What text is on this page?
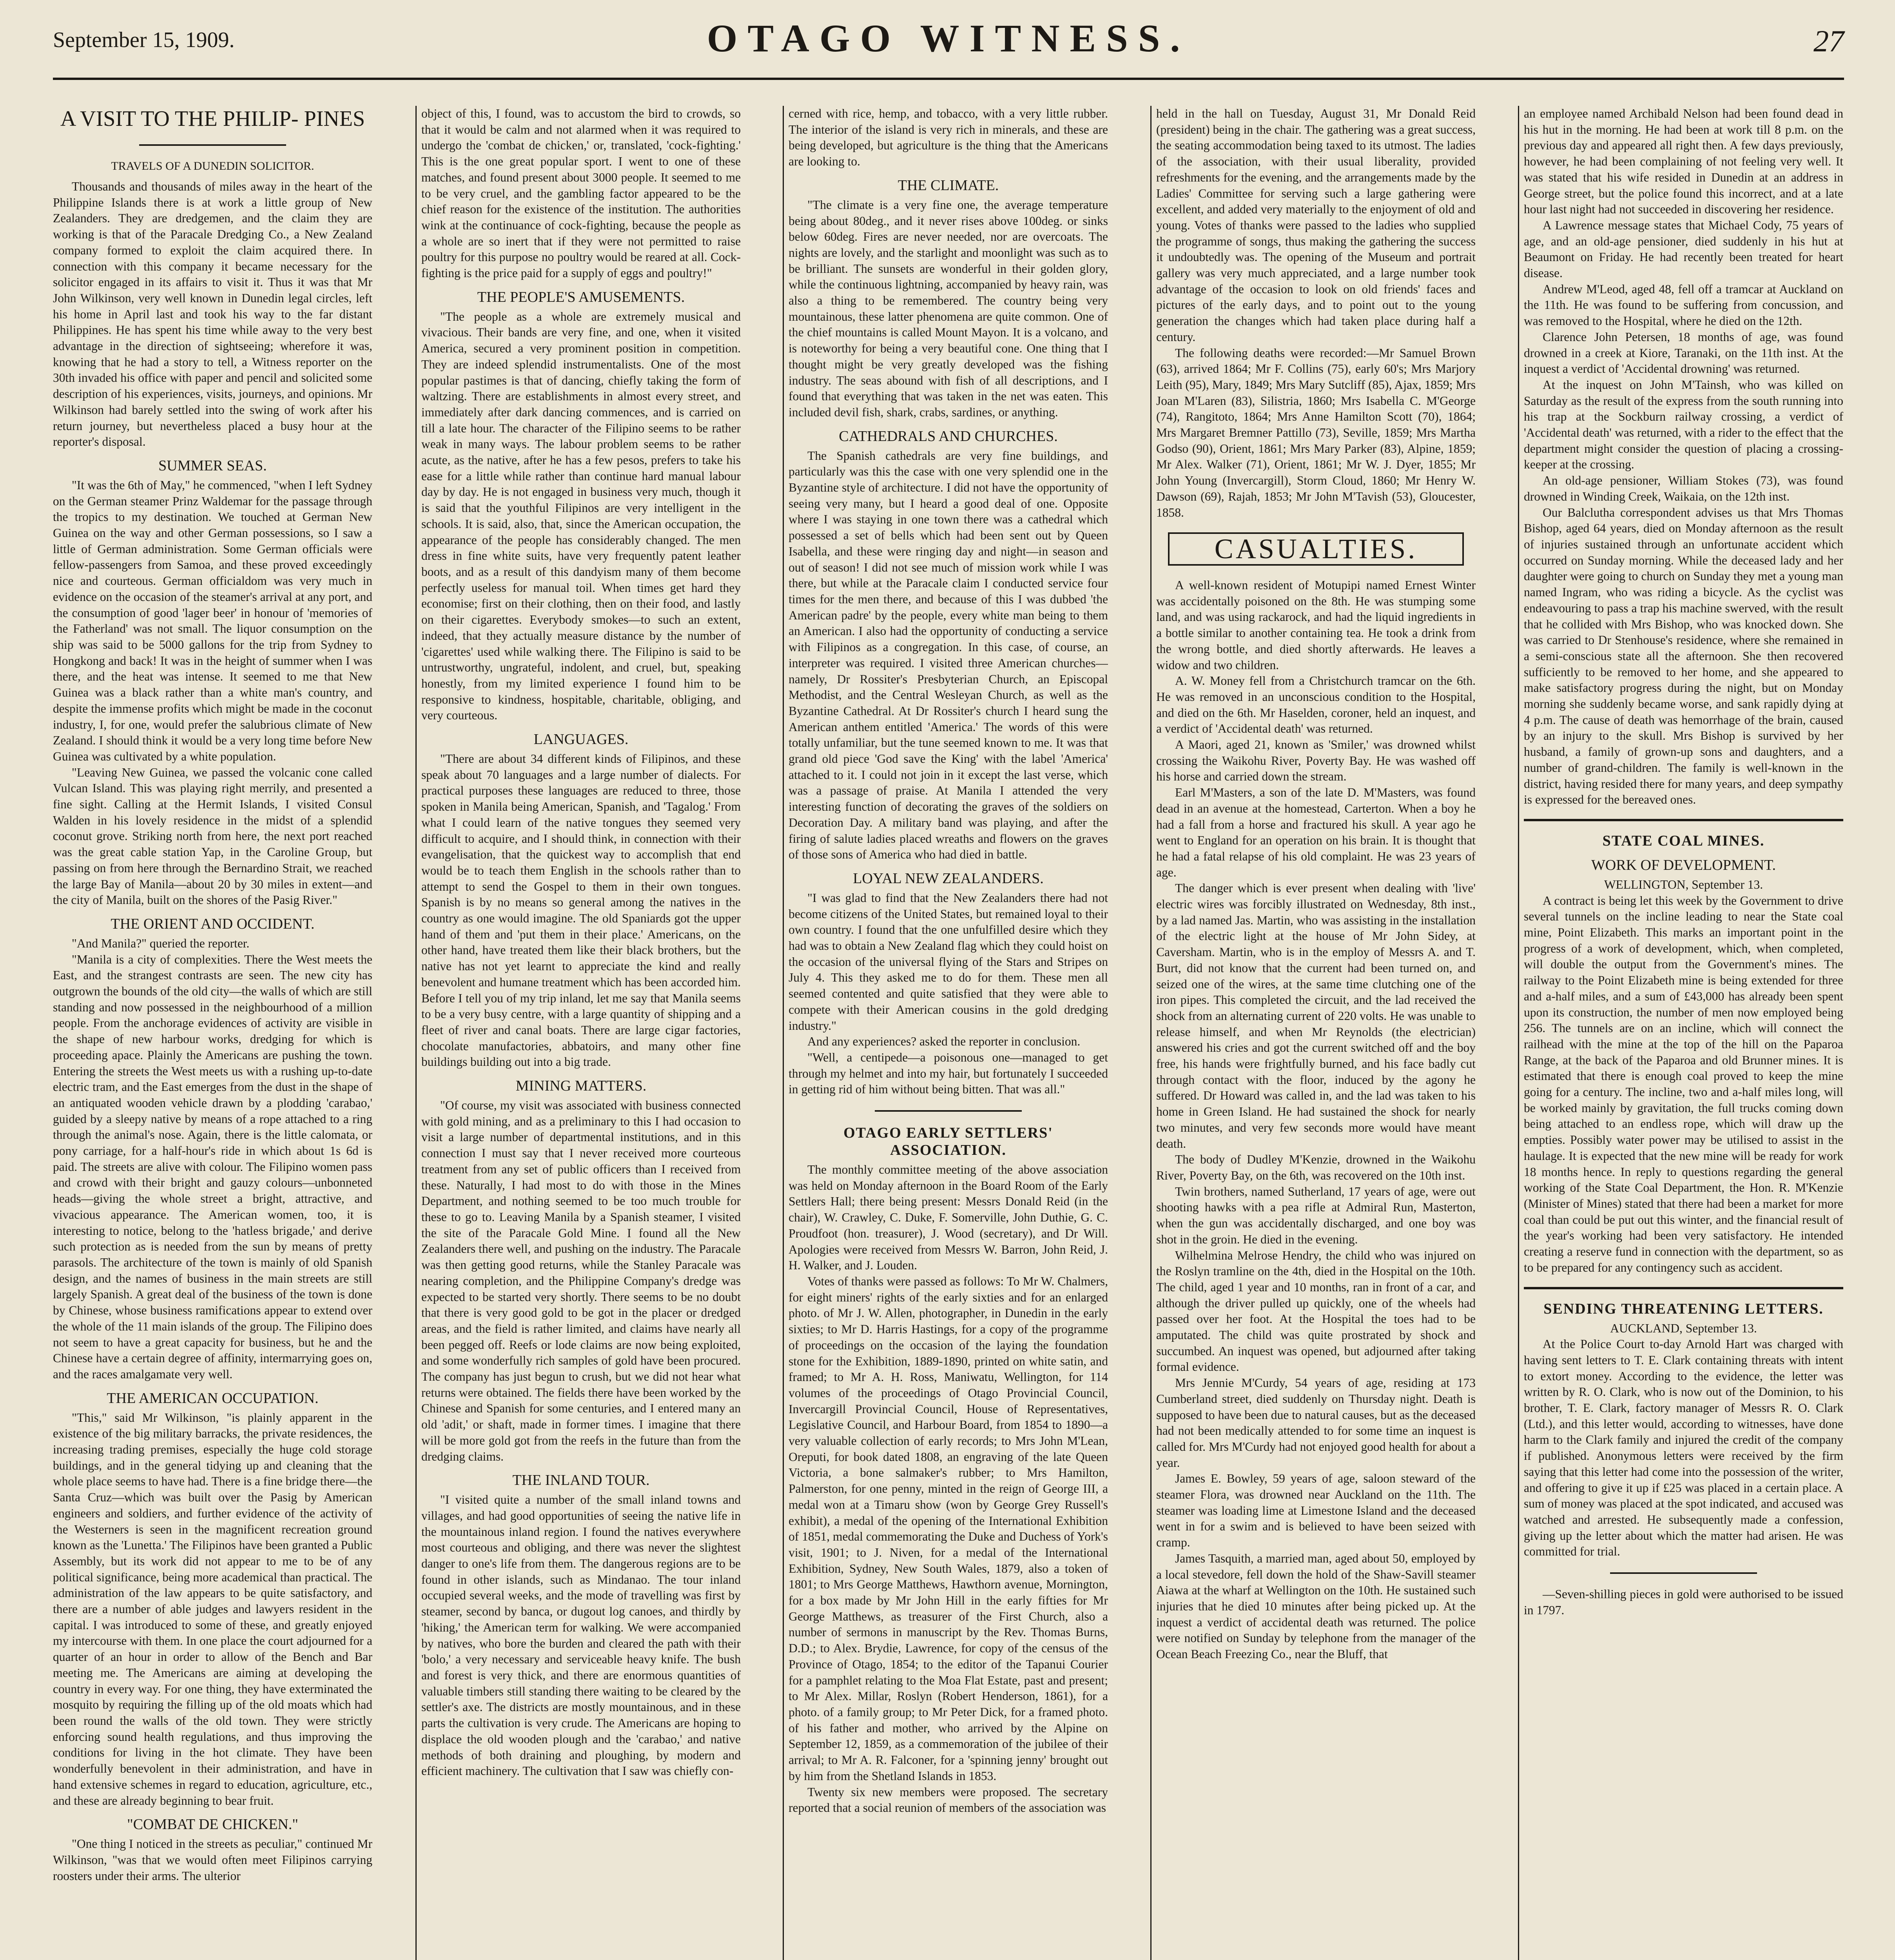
September 15, 1909.	OTAGO WITNESS.	27
A VISIT TO THE PHILIP- PINES
TRAVELS OF A DUNEDIN SOLICITOR.

Thousands and thousands of miles away in the heart of the Philippine Islands there is at work a little group of New Zealanders. They are dredgemen, and the claim they are working is that of the Paracale Dredging Co., a New Zealand company formed to exploit the claim acquired there. In connection with this company it became necessary for the solicitor engaged in its affairs to visit it. Thus it was that Mr John Wilkinson, very well known in Dunedin legal circles, left his home in April last and took his way to the far distant Philippines. He has spent his time while away to the very best advantage in the direction of sightseeing; wherefore it was, knowing that he had a story to tell, a Witness reporter on the 30th invaded his office with paper and pencil and solicited some description of his experiences, visits, journeys, and opinions. Mr Wilkinson had barely settled into the swing of work after his return journey, but nevertheless placed a busy hour at the reporter's disposal.

SUMMER SEAS.

"It was the 6th of May," he commenced, "when I left Sydney on the German steamer Prinz Waldemar for the passage through the tropics to my destination. We touched at German New Guinea on the way and other German possessions, so I saw a little of German administration. Some German officials were fellow-passengers from Samoa, and these proved exceedingly nice and courteous. German officialdom was very much in evidence on the occasion of the steamer's arrival at any port, and the consumption of good 'lager beer' in honour of 'memories of the Fatherland' was not small. The liquor consumption on the ship was said to be 5000 gallons for the trip from Sydney to Hongkong and back! It was in the height of summer when I was there, and the heat was intense. It seemed to me that New Guinea was a black rather than a white man's country, and despite the immense profits which might be made in the coconut industry, I, for one, would prefer the salubrious climate of New Zealand. I should think it would be a very long time before New Guinea was cultivated by a white population.

"Leaving New Guinea, we passed the volcanic cone called Vulcan Island. This was playing right merrily, and presented a fine sight. Calling at the Hermit Islands, I visited Consul Walden in his lovely residence in the midst of a splendid coconut grove. Striking north from here, the next port reached was the great cable station Yap, in the Caroline Group, but passing on from here through the Bernardino Strait, we reached the large Bay of Manila—about 20 by 30 miles in extent—and the city of Manila, built on the shores of the Pasig River."

THE ORIENT AND OCCIDENT.

"And Manila?" queried the reporter.

"Manila is a city of complexities. There the West meets the East, and the strangest contrasts are seen. The new city has outgrown the bounds of the old city—the walls of which are still standing and now possessed in the neighbourhood of a million people. From the anchorage evidences of activity are visible in the shape of new harbour works, dredging for which is proceeding apace. Plainly the Americans are pushing the town. Entering the streets the West meets us with a rushing up-to-date electric tram, and the East emerges from the dust in the shape of an antiquated wooden vehicle drawn by a plodding 'carabao,' guided by a sleepy native by means of a rope attached to a ring through the animal's nose. Again, there is the little calomata, or pony carriage, for a half-hour's ride in which about 1s 6d is paid. The streets are alive with colour. The Filipino women pass and crowd with their bright and gauzy colours—unbonneted heads—giving the whole street a bright, attractive, and vivacious appearance. The American women, too, it is interesting to notice, belong to the 'hatless brigade,' and derive such protection as is needed from the sun by means of pretty parasols. The architecture of the town is mainly of old Spanish design, and the names of business in the main streets are still largely Spanish. A great deal of the business of the town is done by Chinese, whose business ramifications appear to extend over the whole of the 11 main islands of the group. The Filipino does not seem to have a great capacity for business, but he and the Chinese have a certain degree of affinity, intermarrying goes on, and the races amalgamate very well.

THE AMERICAN OCCUPATION.

"This," said Mr Wilkinson, "is plainly apparent in the existence of the big military barracks, the private residences, the increasing trading premises, especially the huge cold storage buildings, and in the general tidying up and cleaning that the whole place seems to have had. There is a fine bridge there—the Santa Cruz—which was built over the Pasig by American engineers and soldiers, and further evidence of the activity of the Westerners is seen in the magnificent recreation ground known as the 'Lunetta.' The Filipinos have been granted a Public Assembly, but its work did not appear to me to be of any political significance, being more academical than practical. The administration of the law appears to be quite satisfactory, and there are a number of able judges and lawyers resident in the capital. I was introduced to some of these, and greatly enjoyed my intercourse with them. In one place the court adjourned for a quarter of an hour in order to allow of the Bench and Bar meeting me. The Americans are aiming at developing the country in every way. For one thing, they have exterminated the mosquito by requiring the filling up of the old moats which had been round the walls of the old town. They were strictly enforcing sound health regulations, and thus improving the conditions for living in the hot climate. They have been wonderfully benevolent in their administration, and have in hand extensive schemes in regard to education, agriculture, etc., and these are already beginning to bear fruit.

"COMBAT DE CHICKEN."

"One thing I noticed in the streets as peculiar," continued Mr Wilkinson, "was that we would often meet Filipinos carrying roosters under their arms. The ulterior

object of this, I found, was to accustom the bird to crowds, so that it would be calm and not alarmed when it was required to undergo the 'combat de chicken,' or, translated, 'cock-fighting.' This is the one great popular sport. I went to one of these matches, and found present about 3000 people. It seemed to me to be very cruel, and the gambling factor appeared to be the chief reason for the existence of the institution. The authorities wink at the continuance of cock-fighting, because the people as a whole are so inert that if they were not permitted to raise poultry for this purpose no poultry would be reared at all. Cock-fighting is the price paid for a supply of eggs and poultry!"

THE PEOPLE'S AMUSEMENTS.

"The people as a whole are extremely musical and vivacious. Their bands are very fine, and one, when it visited America, secured a very prominent position in competition. They are indeed splendid instrumentalists. One of the most popular pastimes is that of dancing, chiefly taking the form of waltzing. There are establishments in almost every street, and immediately after dark dancing commences, and is carried on till a late hour. The character of the Filipino seems to be rather weak in many ways. The labour problem seems to be rather acute, as the native, after he has a few pesos, prefers to take his ease for a little while rather than continue hard manual labour day by day. He is not engaged in business very much, though it is said that the youthful Filipinos are very intelligent in the schools. It is said, also, that, since the American occupation, the appearance of the people has considerably changed. The men dress in fine white suits, have very frequently patent leather boots, and as a result of this dandyism many of them become perfectly useless for manual toil. When times get hard they economise; first on their clothing, then on their food, and lastly on their cigarettes. Everybody smokes—to such an extent, indeed, that they actually measure distance by the number of 'cigarettes' used while walking there. The Filipino is said to be untrustworthy, ungrateful, indolent, and cruel, but, speaking honestly, from my limited experience I found him to be responsive to kindness, hospitable, charitable, obliging, and very courteous.

LANGUAGES.

"There are about 34 different kinds of Filipinos, and these speak about 70 languages and a large number of dialects. For practical purposes these languages are reduced to three, those spoken in Manila being American, Spanish, and 'Tagalog.' From what I could learn of the native tongues they seemed very difficult to acquire, and I should think, in connection with their evangelisation, that the quickest way to accomplish that end would be to teach them English in the schools rather than to attempt to send the Gospel to them in their own tongues. Spanish is by no means so general among the natives in the country as one would imagine. The old Spaniards got the upper hand of them and 'put them in their place.' Americans, on the other hand, have treated them like their black brothers, but the native has not yet learnt to appreciate the kind and really benevolent and humane treatment which has been accorded him. Before I tell you of my trip inland, let me say that Manila seems to be a very busy centre, with a large quantity of shipping and a fleet of river and canal boats. There are large cigar factories, chocolate manufactories, abbatoirs, and many other fine buildings building out into a big trade.

MINING MATTERS.

"Of course, my visit was associated with business connected with gold mining, and as a preliminary to this I had occasion to visit a large number of departmental institutions, and in this connection I must say that I never received more courteous treatment from any set of public officers than I received from these. Naturally, I had most to do with those in the Mines Department, and nothing seemed to be too much trouble for these to go to. Leaving Manila by a Spanish steamer, I visited the site of the Paracale Gold Mine. I found all the New Zealanders there well, and pushing on the industry. The Paracale was then getting good returns, while the Stanley Paracale was nearing completion, and the Philippine Company's dredge was expected to be started very shortly. There seems to be no doubt that there is very good gold to be got in the placer or dredged areas, and the field is rather limited, and claims have nearly all been pegged off. Reefs or lode claims are now being exploited, and some wonderfully rich samples of gold have been procured. The company has just begun to crush, but we did not hear what returns were obtained. The fields there have been worked by the Chinese and Spanish for some centuries, and I entered many an old 'adit,' or shaft, made in former times. I imagine that there will be more gold got from the reefs in the future than from the dredging claims.

THE INLAND TOUR.

"I visited quite a number of the small inland towns and villages, and had good opportunities of seeing the native life in the mountainous inland region. I found the natives everywhere most courteous and obliging, and there was never the slightest danger to one's life from them. The dangerous regions are to be found in other islands, such as Mindanao. The tour inland occupied several weeks, and the mode of travelling was first by steamer, second by banca, or dugout log canoes, and thirdly by 'hiking,' the American term for walking. We were accompanied by natives, who bore the burden and cleared the path with their 'bolo,' a very necessary and serviceable heavy knife. The bush and forest is very thick, and there are enormous quantities of valuable timbers still standing there waiting to be cleared by the settler's axe. The districts are mostly mountainous, and in these parts the cultivation is very crude. The Americans are hoping to displace the old wooden plough and the 'carabao,' and native methods of both draining and ploughing, by modern and efficient machinery. The cultivation that I saw was chiefly con-

cerned with rice, hemp, and tobacco, with a very little rubber. The interior of the island is very rich in minerals, and these are being developed, but agriculture is the thing that the Americans are looking to.

THE CLIMATE.

"The climate is a very fine one, the average temperature being about 80deg., and it never rises above 100deg. or sinks below 60deg. Fires are never needed, nor are overcoats. The nights are lovely, and the starlight and moonlight was such as to be brilliant. The sunsets are wonderful in their golden glory, while the continuous lightning, accompanied by heavy rain, was also a thing to be remembered. The country being very mountainous, these latter phenomena are quite common. One of the chief mountains is called Mount Mayon. It is a volcano, and is noteworthy for being a very beautiful cone. One thing that I thought might be very greatly developed was the fishing industry. The seas abound with fish of all descriptions, and I found that everything that was taken in the net was eaten. This included devil fish, shark, crabs, sardines, or anything.

CATHEDRALS AND CHURCHES.

The Spanish cathedrals are very fine buildings, and particularly was this the case with one very splendid one in the Byzantine style of architecture. I did not have the opportunity of seeing very many, but I heard a good deal of one. Opposite where I was staying in one town there was a cathedral which possessed a set of bells which had been sent out by Queen Isabella, and these were ringing day and night—in season and out of season! I did not see much of mission work while I was there, but while at the Paracale claim I conducted service four times for the men there, and because of this I was dubbed 'the American padre' by the people, every white man being to them an American. I also had the opportunity of conducting a service with Filipinos as a congregation. In this case, of course, an interpreter was required. I visited three American churches—namely, Dr Rossiter's Presbyterian Church, an Episcopal Methodist, and the Central Wesleyan Church, as well as the Byzantine Cathedral. At Dr Rossiter's church I heard sung the American anthem entitled 'America.' The words of this were totally unfamiliar, but the tune seemed known to me. It was that grand old piece 'God save the King' with the label 'America' attached to it. I could not join in it except the last verse, which was a passage of praise. At Manila I attended the very interesting function of decorating the graves of the soldiers on Decoration Day. A military band was playing, and after the firing of salute ladies placed wreaths and flowers on the graves of those sons of America who had died in battle.

LOYAL NEW ZEALANDERS.

"I was glad to find that the New Zealanders there had not become citizens of the United States, but remained loyal to their own country. I found that the one unfulfilled desire which they had was to obtain a New Zealand flag which they could hoist on the occasion of the universal flying of the Stars and Stripes on July 4. This they asked me to do for them. These men all seemed contented and quite satisfied that they were able to compete with their American cousins in the gold dredging industry."

And any experiences? asked the reporter in conclusion.

"Well, a centipede—a poisonous one—managed to get through my helmet and into my hair, but fortunately I succeeded in getting rid of him without being bitten. That was all."

OTAGO EARLY SETTLERS' ASSOCIATION.

The monthly committee meeting of the above association was held on Monday afternoon in the Board Room of the Early Settlers Hall; there being present: Messrs Donald Reid (in the chair), W. Crawley, C. Duke, F. Somerville, John Duthie, G. C. Proudfoot (hon. treasurer), J. Wood (secretary), and Dr Will. Apologies were received from Messrs W. Barron, John Reid, J. H. Walker, and J. Louden.

Votes of thanks were passed as follows: To Mr W. Chalmers, for eight miners' rights of the early sixties and for an enlarged photo. of Mr J. W. Allen, photographer, in Dunedin in the early sixties; to Mr D. Harris Hastings, for a copy of the programme of proceedings on the occasion of the laying the foundation stone for the Exhibition, 1889-1890, printed on white satin, and framed; to Mr A. H. Ross, Maniwatu, Wellington, for 114 volumes of the proceedings of Otago Provincial Council, Invercargill Provincial Council, House of Representatives, Legislative Council, and Harbour Board, from 1854 to 1890—a very valuable collection of early records; to Mrs John M'Lean, Oreputi, for book dated 1808, an engraving of the late Queen Victoria, a bone salmaker's rubber; to Mrs Hamilton, Palmerston, for one penny, minted in the reign of George III, a medal won at a Timaru show (won by George Grey Russell's exhibit), a medal of the opening of the International Exhibition of 1851, medal commemorating the Duke and Duchess of York's visit, 1901; to J. Niven, for a medal of the International Exhibition, Sydney, New South Wales, 1879, also a token of 1801; to Mrs George Matthews, Hawthorn avenue, Mornington, for a box made by Mr John Hill in the early fifties for Mr George Matthews, as treasurer of the First Church, also a number of sermons in manuscript by the Rev. Thomas Burns, D.D.; to Alex. Brydie, Lawrence, for copy of the census of the Province of Otago, 1854; to the editor of the Tapanui Courier for a pamphlet relating to the Moa Flat Estate, past and present; to Mr Alex. Millar, Roslyn (Robert Henderson, 1861), for a photo. of a family group; to Mr Peter Dick, for a framed photo. of his father and mother, who arrived by the Alpine on September 12, 1859, as a commemoration of the jubilee of their arrival; to Mr A. R. Falconer, for a 'spinning jenny' brought out by him from the Shetland Islands in 1853.

Twenty six new members were proposed. The secretary reported that a social reunion of members of the association was

held in the hall on Tuesday, August 31, Mr Donald Reid (president) being in the chair. The gathering was a great success, the seating accommodation being taxed to its utmost. The ladies of the association, with their usual liberality, provided refreshments for the evening, and the arrangements made by the Ladies' Committee for serving such a large gathering were excellent, and added very materially to the enjoyment of old and young. Votes of thanks were passed to the ladies who supplied the programme of songs, thus making the gathering the success it undoubtedly was. The opening of the Museum and portrait gallery was very much appreciated, and a large number took advantage of the occasion to look on old friends' faces and pictures of the early days, and to point out to the young generation the changes which had taken place during half a century.

The following deaths were recorded:—Mr Samuel Brown (63), arrived 1864; Mr F. Collins (75), early 60's; Mrs Marjory Leith (95), Mary, 1849; Mrs Mary Sutcliff (85), Ajax, 1859; Mrs Joan M'Laren (83), Silistria, 1860; Mrs Isabella C. M'George (74), Rangitoto, 1864; Mrs Anne Hamilton Scott (70), 1864; Mrs Margaret Bremner Pattillo (73), Seville, 1859; Mrs Martha Godso (90), Orient, 1861; Mrs Mary Parker (83), Alpine, 1859; Mr Alex. Walker (71), Orient, 1861; Mr W. J. Dyer, 1855; Mr John Young (Invercargill), Storm Cloud, 1860; Mr Henry W. Dawson (69), Rajah, 1853; Mr John M'Tavish (53), Gloucester, 1858.

CASUALTIES.

A well-known resident of Motupipi named Ernest Winter was accidentally poisoned on the 8th. He was stumping some land, and was using rackarock, and had the liquid ingredients in a bottle similar to another containing tea. He took a drink from the wrong bottle, and died shortly afterwards. He leaves a widow and two children.

A. W. Money fell from a Christchurch tramcar on the 6th. He was removed in an unconscious condition to the Hospital, and died on the 6th. Mr Haselden, coroner, held an inquest, and a verdict of 'Accidental death' was returned.

A Maori, aged 21, known as 'Smiler,' was drowned whilst crossing the Waikohu River, Poverty Bay. He was washed off his horse and carried down the stream.

Earl M'Masters, a son of the late D. M'Masters, was found dead in an avenue at the homestead, Carterton. When a boy he had a fall from a horse and fractured his skull. A year ago he went to England for an operation on his brain. It is thought that he had a fatal relapse of his old complaint. He was 23 years of age.

The danger which is ever present when dealing with 'live' electric wires was forcibly illustrated on Wednesday, 8th inst., by a lad named Jas. Martin, who was assisting in the installation of the electric light at the house of Mr John Sidey, at Caversham. Martin, who is in the employ of Messrs A. and T. Burt, did not know that the current had been turned on, and seized one of the wires, at the same time clutching one of the iron pipes. This completed the circuit, and the lad received the shock from an alternating current of 220 volts. He was unable to release himself, and when Mr Reynolds (the electrician) answered his cries and got the current switched off and the boy free, his hands were frightfully burned, and his face badly cut through contact with the floor, induced by the agony he suffered. Dr Howard was called in, and the lad was taken to his home in Green Island. He had sustained the shock for nearly two minutes, and very few seconds more would have meant death.

The body of Dudley M'Kenzie, drowned in the Waikohu River, Poverty Bay, on the 6th, was recovered on the 10th inst.

Twin brothers, named Sutherland, 17 years of age, were out shooting hawks with a pea rifle at Admiral Run, Masterton, when the gun was accidentally discharged, and one boy was shot in the groin. He died in the evening.

Wilhelmina Melrose Hendry, the child who was injured on the Roslyn tramline on the 4th, died in the Hospital on the 10th. The child, aged 1 year and 10 months, ran in front of a car, and although the driver pulled up quickly, one of the wheels had passed over her foot. At the Hospital the toes had to be amputated. The child was quite prostrated by shock and succumbed. An inquest was opened, but adjourned after taking formal evidence.

Mrs Jennie M'Curdy, 54 years of age, residing at 173 Cumberland street, died suddenly on Thursday night. Death is supposed to have been due to natural causes, but as the deceased had not been medically attended to for some time an inquest is called for. Mrs M'Curdy had not enjoyed good health for about a year.

James E. Bowley, 59 years of age, saloon steward of the steamer Flora, was drowned near Auckland on the 11th. The steamer was loading lime at Limestone Island and the deceased went in for a swim and is believed to have been seized with cramp.

James Tasquith, a married man, aged about 50, employed by a local stevedore, fell down the hold of the Shaw-Savill steamer Aiawa at the wharf at Wellington on the 10th. He sustained such injuries that he died 10 minutes after being picked up. At the inquest a verdict of accidental death was returned. The police were notified on Sunday by telephone from the manager of the Ocean Beach Freezing Co., near the Bluff, that

an employee named Archibald Nelson had been found dead in his hut in the morning. He had been at work till 8 p.m. on the previous day and appeared all right then. A few days previously, however, he had been complaining of not feeling very well. It was stated that his wife resided in Dunedin at an address in George street, but the police found this incorrect, and at a late hour last night had not succeeded in discovering her residence.

A Lawrence message states that Michael Cody, 75 years of age, and an old-age pensioner, died suddenly in his hut at Beaumont on Friday. He had recently been treated for heart disease.

Andrew M'Leod, aged 48, fell off a tramcar at Auckland on the 11th. He was found to be suffering from concussion, and was removed to the Hospital, where he died on the 12th.

Clarence John Petersen, 18 months of age, was found drowned in a creek at Kiore, Taranaki, on the 11th inst. At the inquest a verdict of 'Accidental drowning' was returned.

At the inquest on John M'Tainsh, who was killed on Saturday as the result of the express from the south running into his trap at the Sockburn railway crossing, a verdict of 'Accidental death' was returned, with a rider to the effect that the department might consider the question of placing a crossing-keeper at the crossing.

An old-age pensioner, William Stokes (73), was found drowned in Winding Creek, Waikaia, on the 12th inst.

Our Balclutha correspondent advises us that Mrs Thomas Bishop, aged 64 years, died on Monday afternoon as the result of injuries sustained through an unfortunate accident which occurred on Sunday morning. While the deceased lady and her daughter were going to church on Sunday they met a young man named Ingram, who was riding a bicycle. As the cyclist was endeavouring to pass a trap his machine swerved, with the result that he collided with Mrs Bishop, who was knocked down. She was carried to Dr Stenhouse's residence, where she remained in a semi-conscious state all the afternoon. She then recovered sufficiently to be removed to her home, and she appeared to make satisfactory progress during the night, but on Monday morning she suddenly became worse, and sank rapidly dying at 4 p.m. The cause of death was hemorrhage of the brain, caused by an injury to the skull. Mrs Bishop is survived by her husband, a family of grown-up sons and daughters, and a number of grand-children. The family is well-known in the district, having resided there for many years, and deep sympathy is expressed for the bereaved ones.

STATE COAL MINES.
WORK OF DEVELOPMENT.

WELLINGTON, September 13.

A contract is being let this week by the Government to drive several tunnels on the incline leading to near the State coal mine, Point Elizabeth. This marks an important point in the progress of a work of development, which, when completed, will double the output from the Government's mines. The railway to the Point Elizabeth mine is being extended for three and a-half miles, and a sum of £43,000 has already been spent upon its construction, the number of men now employed being 256. The tunnels are on an incline, which will connect the railhead with the mine at the top of the hill on the Paparoa Range, at the back of the Paparoa and old Brunner mines. It is estimated that there is enough coal proved to keep the mine going for a century. The incline, two and a-half miles long, will be worked mainly by gravitation, the full trucks coming down being attached to an endless rope, which will draw up the empties. Possibly water power may be utilised to assist in the haulage. It is expected that the new mine will be ready for work 18 months hence. In reply to questions regarding the general working of the State Coal Department, the Hon. R. M'Kenzie (Minister of Mines) stated that there had been a market for more coal than could be put out this winter, and the financial result of the year's working had been very satisfactory. He intended creating a reserve fund in connection with the department, so as to be prepared for any contingency such as accident.

SENDING THREATENING LETTERS.

AUCKLAND, September 13.

At the Police Court to-day Arnold Hart was charged with having sent letters to T. E. Clark containing threats with intent to extort money. According to the evidence, the letter was written by R. O. Clark, who is now out of the Dominion, to his brother, T. E. Clark, factory manager of Messrs R. O. Clark (Ltd.), and this letter would, according to witnesses, have done harm to the Clark family and injured the credit of the company if published. Anonymous letters were received by the firm saying that this letter had come into the possession of the writer, and offering to give it up if £25 was placed in a certain place. A sum of money was placed at the spot indicated, and accused was watched and arrested. He subsequently made a confession, giving up the letter about which the matter had arisen. He was committed for trial.

—Seven-shilling pieces in gold were authorised to be issued in 1797.
